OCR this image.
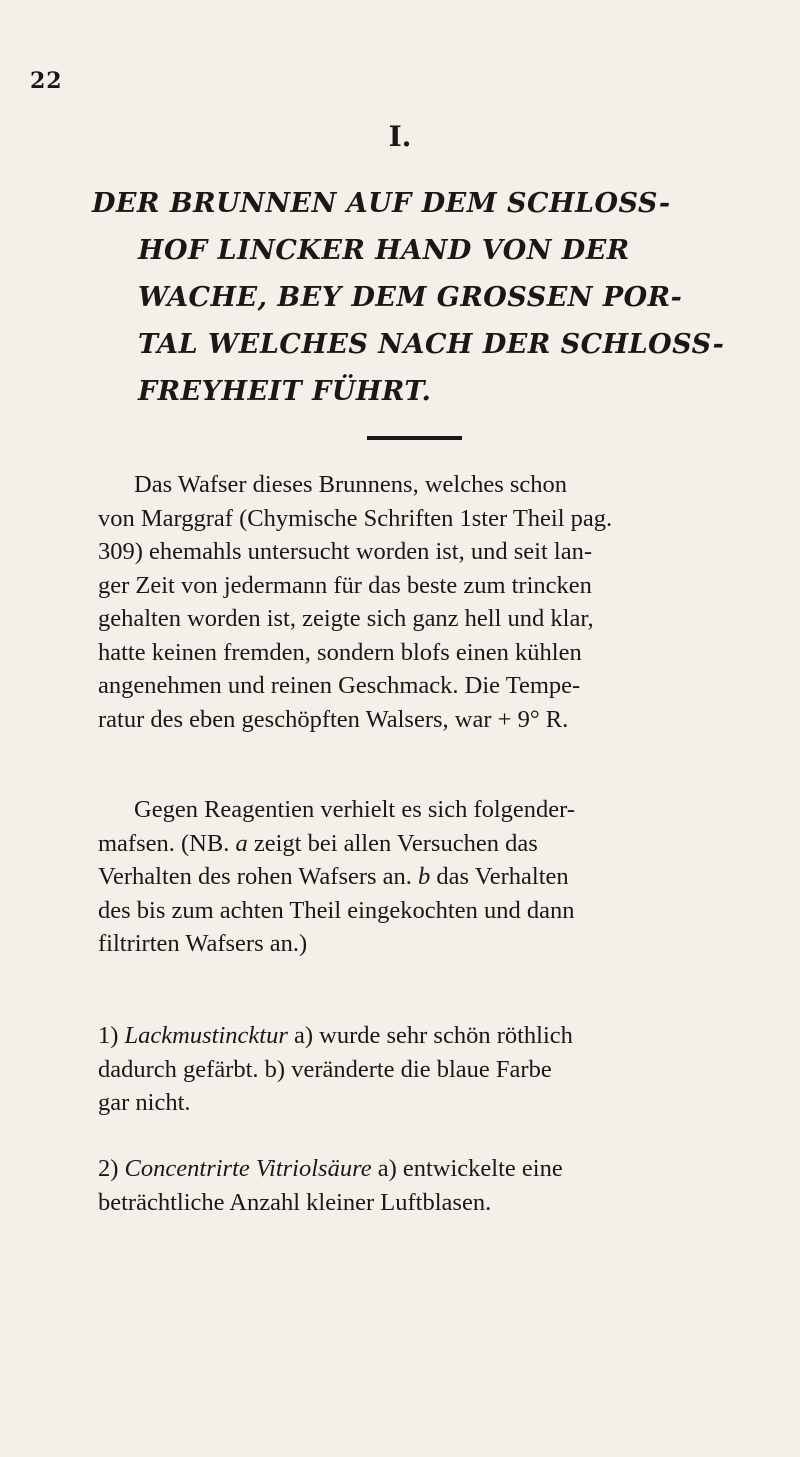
22
I.
DER BRUNNEN AUF DEM SCHLOSS-
HOF LINCKER HAND VON DER
WACHE, BEY DEM GROSSEN POR-
TAL WELCHES NACH DER SCHLOSS-
FREYHEIT FÜHRT.

Das Wafser dieses Brunnens, welches schon
von Marggraf (Chymische Schriften 1ster Theil pag.
309) ehemahls untersucht worden ist, und seit lan-
ger Zeit von jedermann für das beste zum trincken
gehalten worden ist, zeigte sich ganz hell und klar,
hatte keinen fremden, sondern blofs einen kühlen
angenehmen und reinen Geschmack. Die Tempe-
ratur des eben geschöpften Walsers, war + 9° R.

Gegen Reagentien verhielt es sich folgender-
mafsen. (NB. a zeigt bei allen Versuchen das
Verhalten des rohen Wafsers an. b das Verhalten
des bis zum achten Theil eingekochten und dann
filtrirten Wafsers an.)

1) Lackmustincktur a) wurde sehr schön röthlich
dadurch gefärbt. b) veränderte die blaue Farbe
gar nicht.

2) Concentrirte Vitriolsäure a) entwickelte eine
beträchtliche Anzahl kleiner Luftblasen.
